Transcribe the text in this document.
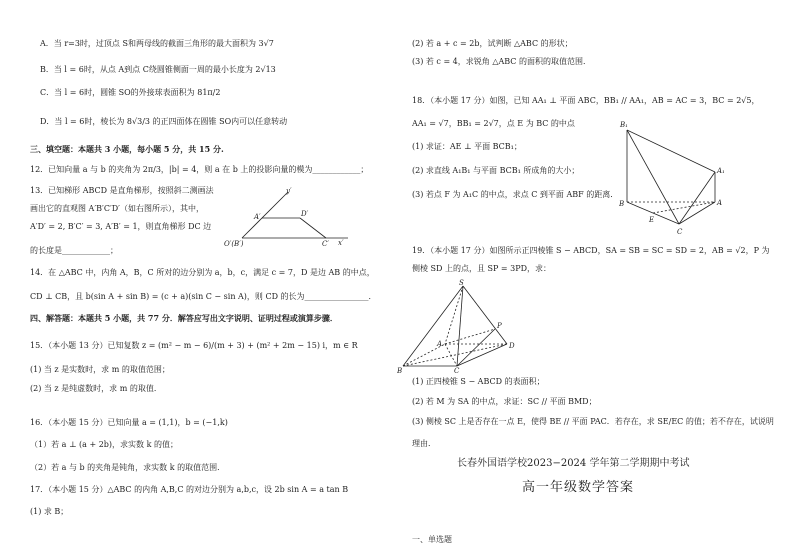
A．当 r=3时，过顶点 S和两母线的截面三角形的最大面积为 3√7
B．当 l = 6时，从点 A到点 C绕圆锥侧面一周的最小长度为 2√13
C．当 l = 6时，圆锥 SO的外接球表面积为 81π/2
D．当 l = 6时，棱长为 8√3/3 的正四面体在圆锥 SO内可以任意转动
三、填空题：本题共 3 小题，每小题 5 分，共 15 分.
12．已知向量 a 与 b 的夹角为 2π/3，|b| = 4，则 a 在 b 上的投影向量的模为____________；
13．已知梯形 ABCD 是直角梯形，按照斜二测画法
画出它的直观图 A′B′C′D′（如右图所示），其中，
A′D′ = 2, B′C′ = 3, A′B′ = 1，则直角梯形 DC 边
的长度是____________；
x′
y′
O′(B′)
A′	D′
C′
14．在 △ABC 中，内角 A，B，C 所对的边分别为 a，b，c，满足 c = 7，D 是边 AB 的中点，
CD ⊥ CB，且 b(sin A + sin B) = (c + a)(sin C − sin A)，则 CD 的长为________________．
四、解答题：本题共 5 小题，共 77 分．解答应写出文字说明、证明过程或演算步骤．
15．（本小题 13 分）已知复数 z = (m² − m − 6)/(m + 3) + (m² + 2m − 15) i，m ∈ R
(1) 当 z 是实数时，求 m 的取值范围；
(2) 当 z 是纯虚数时，求 m 的取值．
16．（本小题 15 分）已知向量 a = (1,1)，b = (−1,k)
（1）若 a ⊥ (a + 2b)，求实数 k 的值；
（2）若 a 与 b 的夹角是钝角，求实数 k 的取值范围．
17．（本小题 15 分）△ABC 的内角 A,B,C 的对边分别为 a,b,c，设 2b sin A = a tan B
(1) 求 B；
(2) 若 a + c = 2b，试判断 △ABC 的形状；
(3) 若 c = 4，求锐角 △ABC 的面积的取值范围．
18．（本小题 17 分）如图，已知 AA₁ ⊥ 平面 ABC，BB₁ // AA₁，AB = AC = 3，BC = 2√5，
AA₁ = √7，BB₁ = 2√7，点 E 为 BC 的中点
(1) 求证：AE ⊥ 平面 BCB₁；
(2) 求直线 A₁B₁ 与平面 BCB₁ 所成角的大小；
(3) 若点 F 为 A₁C 的中点，求点 C 到平面 ABF 的距离．
B₁
A₁
B	A
E
C
19．（本小题 17 分）如图所示正四棱锥 S − ABCD，SA = SB = SC = SD = 2，AB = √2，P 为
侧棱 SD 上的点，且 SP = 3PD，求：
S
P
A	D
B	C
(1) 正四棱锥 S − ABCD 的表面积；
(2) 若 M 为 SA 的中点，求证：SC // 平面 BMD；
(3) 侧棱 SC 上是否存在一点 E，使得 BE // 平面 PAC．若存在，求 SE/EC 的值；若不存在，试说明
理由．
长春外国语学校2023−2024 学年第二学期期中考试
高一年级数学答案
一、单选题
